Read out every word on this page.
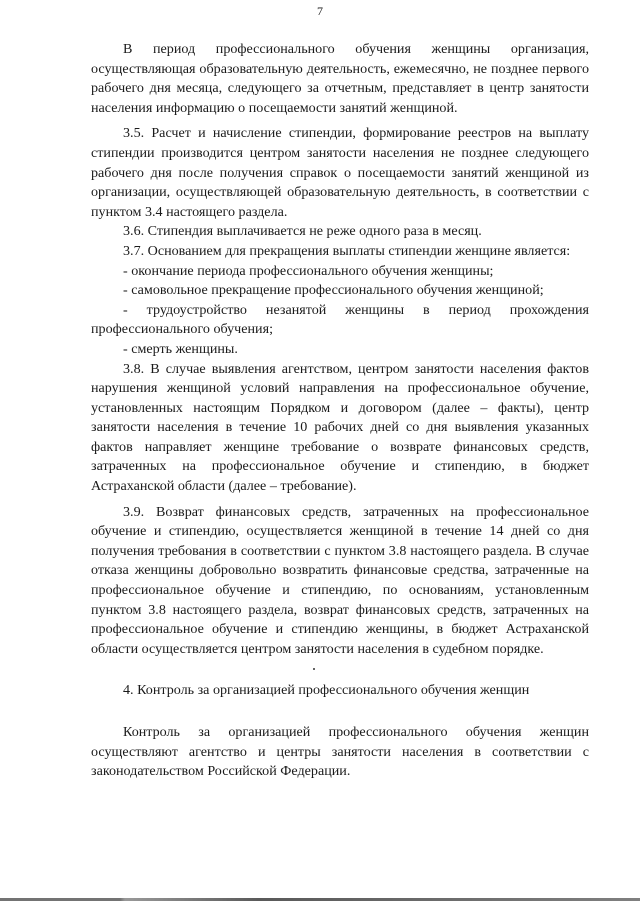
7

В период профессионального обучения женщины организация, осуществляющая образовательную деятельность, ежемесячно, не позднее первого рабочего дня месяца, следующего за отчетным, представляет в центр занятости населения информацию о посещаемости занятий женщиной.

3.5. Расчет и начисление стипендии, формирование реестров на выплату стипендии производится центром занятости населения не позднее следующего рабочего дня после получения справок о посещаемости занятий женщиной из организации, осуществляющей образовательную деятельность, в соответствии с пунктом 3.4 настоящего раздела.

3.6. Стипендия выплачивается не реже одного раза в месяц.

3.7. Основанием для прекращения выплаты стипендии женщине является:

- окончание периода профессионального обучения женщины;

- самовольное прекращение профессионального обучения женщиной;

- трудоустройство незанятой женщины в период прохождения профессионального обучения;

- смерть женщины.

3.8. В случае выявления агентством, центром занятости населения фактов нарушения женщиной условий направления на профессиональное обучение, установленных настоящим Порядком и договором (далее – факты), центр занятости населения в течение 10 рабочих дней со дня выявления указанных фактов направляет женщине требование о возврате финансовых средств, затраченных на профессиональное обучение и стипендию, в бюджет Астраханской области (далее – требование).

3.9. Возврат финансовых средств, затраченных на профессиональное обучение и стипендию, осуществляется женщиной в течение 14 дней со дня получения требования в соответствии с пунктом 3.8 настоящего раздела. В случае отказа женщины добровольно возвратить финансовые средства, затраченные на профессиональное обучение и стипендию, по основаниям, установленным пунктом 3.8 настоящего раздела, возврат финансовых средств, затраченных на профессиональное обучение и стипендию женщины, в бюджет Астраханской области осуществляется центром занятости населения в судебном порядке.

4. Контроль за организацией профессионального обучения женщин

Контроль за организацией профессионального обучения женщин осуществляют агентство и центры занятости населения в соответствии с законодательством Российской Федерации.
